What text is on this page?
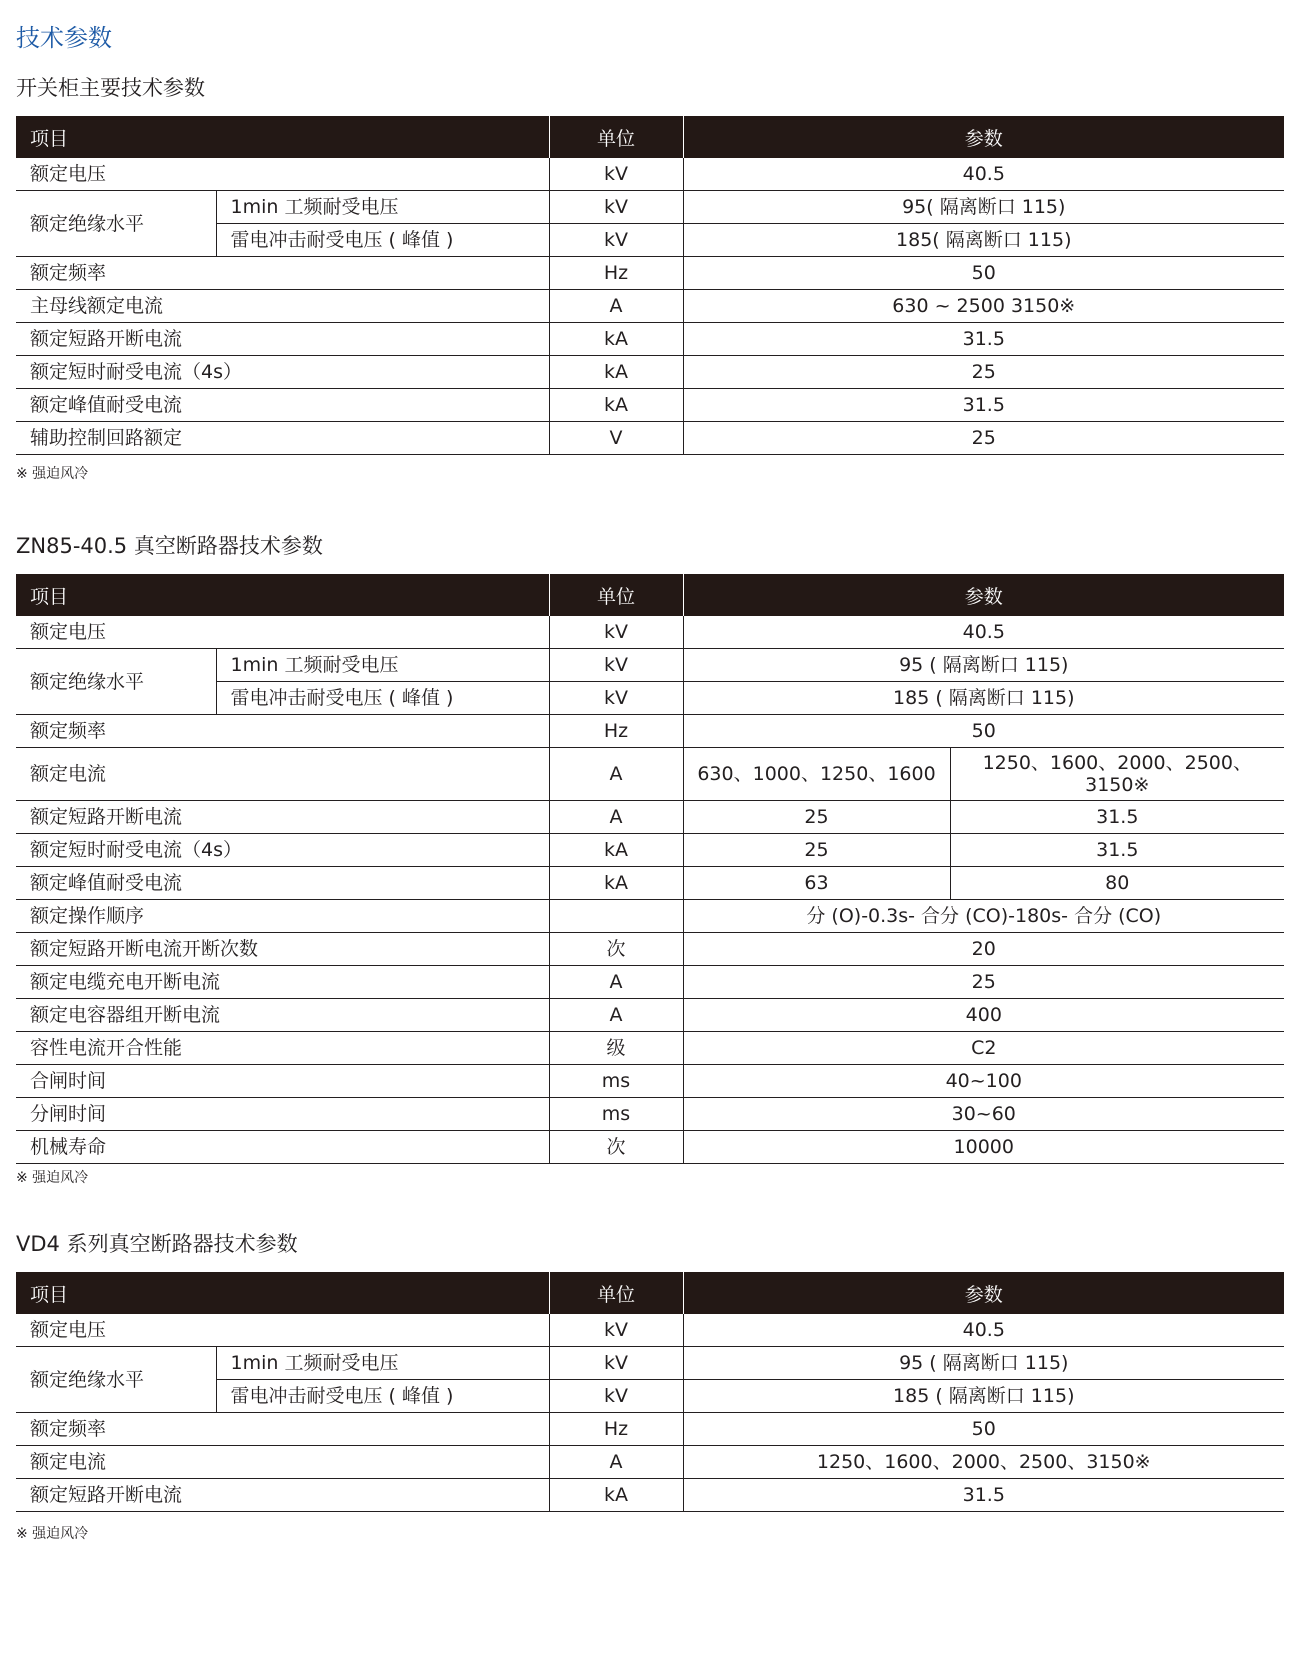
技术参数
开关柜主要技术参数
项目		单位	参数
额定电压		kV	40.5
额定绝缘水平	1min 工频耐受电压	kV	95( 隔离断口 115)
	雷电冲击耐受电压 ( 峰值 )	kV	185( 隔离断口 115)
额定频率		Hz	50
主母线额定电流		A	630 ~ 2500 3150※
额定短路开断电流		kA	31.5
额定短时耐受电流（4s）		kA	25
额定峰值耐受电流		kA	31.5
辅助控制回路额定		V	25

※ 强迫风冷

ZN85-40.5 真空断路器技术参数
项目		单位	参数	
额定电压		kV	40.5	
额定绝缘水平	1min 工频耐受电压	kV	95 ( 隔离断口 115)	
	雷电冲击耐受电压 ( 峰值 )	kV	185 ( 隔离断口 115)	
额定频率		Hz	50	
额定电流		A	630、1000、1250、1600	1250、1600、2000、2500、
3150※
额定短路开断电流		A	25	31.5
额定短时耐受电流（4s）		kA	25	31.5
额定峰值耐受电流		kA	63	80
额定操作顺序			分 (O)-0.3s- 合分 (CO)-180s- 合分 (CO)	
额定短路开断电流开断次数		次	20	
额定电缆充电开断电流		A	25	
额定电容器组开断电流		A	400	
容性电流开合性能		级	C2	
合闸时间		ms	40~100	
分闸时间		ms	30~60	
机械寿命		次	10000	

※ 强迫风冷

VD4 系列真空断路器技术参数
项目		单位	参数
额定电压		kV	40.5
额定绝缘水平	1min 工频耐受电压	kV	95 ( 隔离断口 115)
	雷电冲击耐受电压 ( 峰值 )	kV	185 ( 隔离断口 115)
额定频率		Hz	50
额定电流		A	1250、1600、2000、2500、3150※
额定短路开断电流		kA	31.5

※ 强迫风冷
